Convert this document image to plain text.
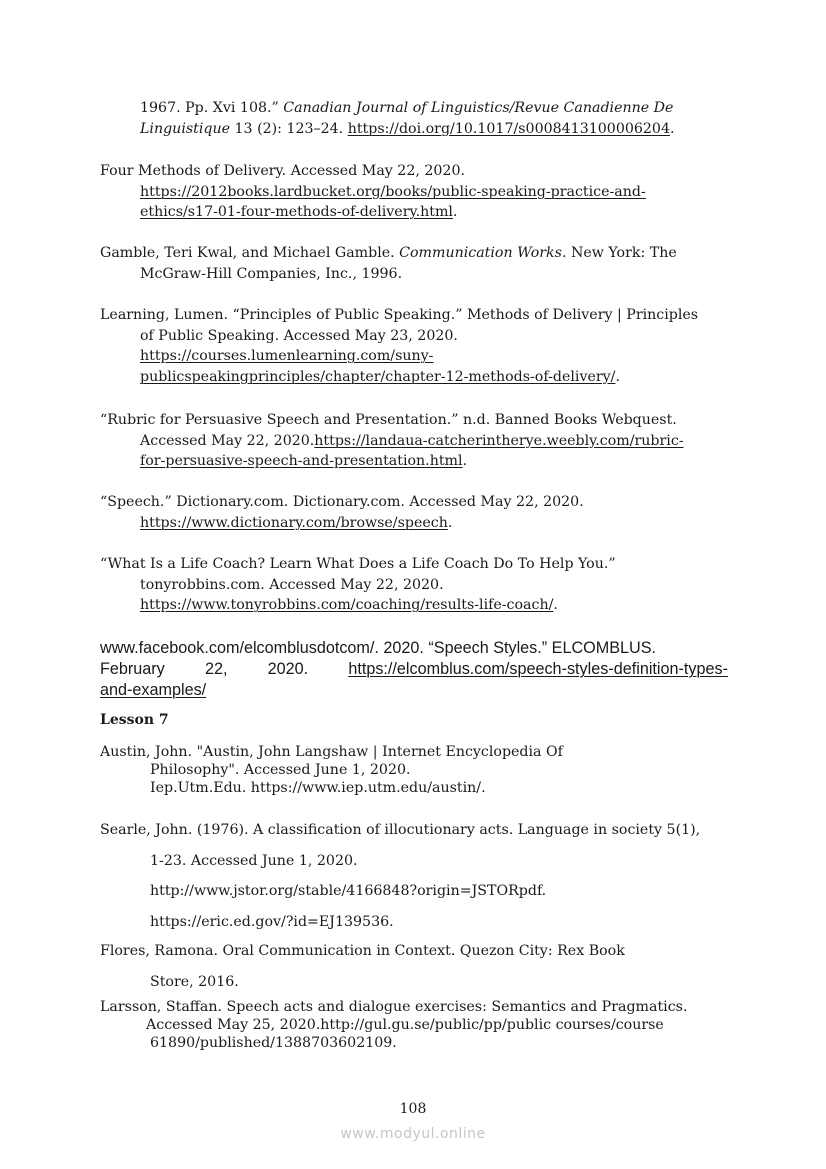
1967. Pp. Xvi 108.” Canadian Journal of Linguistics/Revue Canadienne De
Linguistique 13 (2): 123–24. https://doi.org/10.1017/s0008413100006204.
Four Methods of Delivery. Accessed May 22, 2020.
https://2012books.lardbucket.org/books/public-speaking-practice-and-
ethics/s17-01-four-methods-of-delivery.html.
Gamble, Teri Kwal, and Michael Gamble. Communication Works. New York: The
McGraw-Hill Companies, Inc., 1996.
Learning, Lumen. “Principles of Public Speaking.” Methods of Delivery | Principles
of Public Speaking. Accessed May 23, 2020.
https://courses.lumenlearning.com/suny-
publicspeakingprinciples/chapter/chapter-12-methods-of-delivery/.
“Rubric for Persuasive Speech and Presentation.” n.d. Banned Books Webquest.
Accessed May 22, 2020.https://landaua-catcherintherye.weebly.com/rubric-
for-persuasive-speech-and-presentation.html.
“Speech.” Dictionary.com. Dictionary.com. Accessed May 22, 2020.
https://www.dictionary.com/browse/speech.
“What Is a Life Coach? Learn What Does a Life Coach Do To Help You.”
tonyrobbins.com. Accessed May 22, 2020.
https://www.tonyrobbins.com/coaching/results-life-coach/.
www.facebook.com/elcomblusdotcom/. 2020. “Speech Styles.” ELCOMBLUS.
February 22, 2020. https://elcomblus.com/speech-styles-definition-types-
and-examples/
Lesson 7
Austin, John. "Austin, John Langshaw | Internet Encyclopedia Of
Philosophy". Accessed June 1, 2020.
Iep.Utm.Edu. https://www.iep.utm.edu/austin/.
Searle, John. (1976). A classification of illocutionary acts. Language in society 5(1),
1-23. Accessed June 1, 2020.
http://www.jstor.org/stable/4166848?origin=JSTORpdf.
https://eric.ed.gov/?id=EJ139536.
Flores, Ramona. Oral Communication in Context. Quezon City: Rex Book
Store, 2016.
Larsson, Staffan. Speech acts and dialogue exercises: Semantics and Pragmatics.
Accessed May 25, 2020.http://gul.gu.se/public/pp/public courses/course
61890/published/1388703602109.
108
www.modyul.online
